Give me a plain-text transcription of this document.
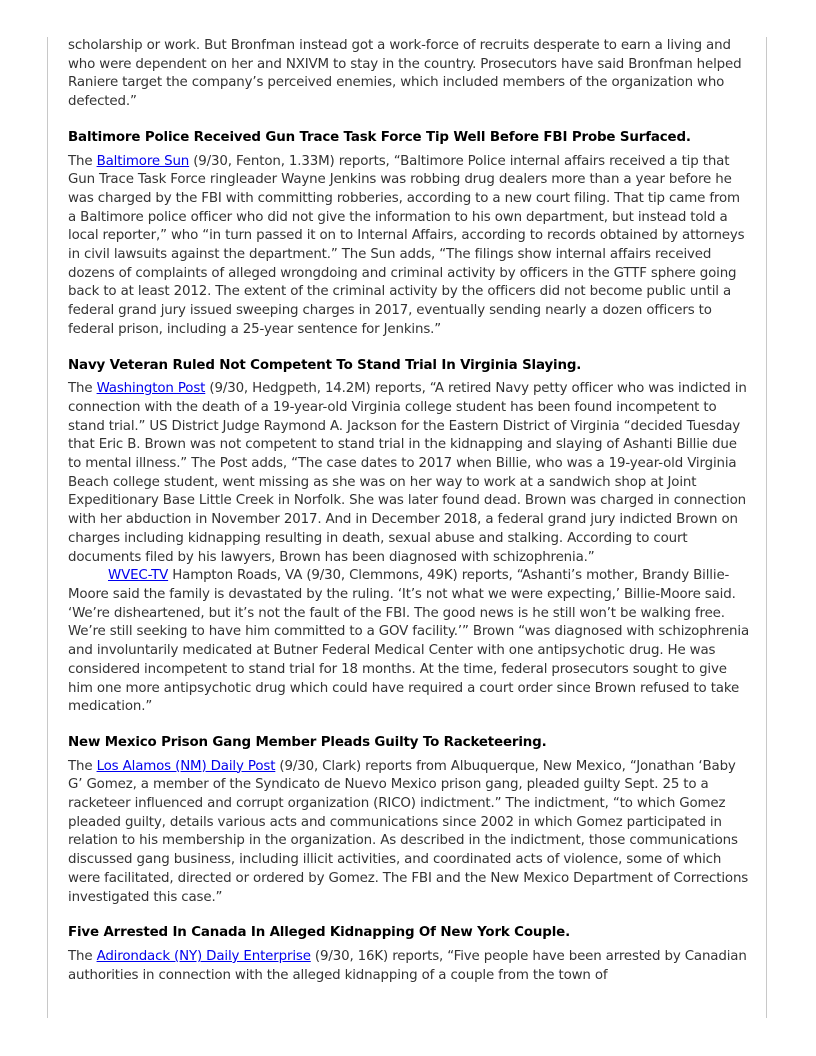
scholarship or work. But Bronfman instead got a work-force of recruits desperate to earn a living and who were dependent on her and NXIVM to stay in the country. Prosecutors have said Bronfman helped Raniere target the company’s perceived enemies, which included members of the organization who defected.”

Baltimore Police Received Gun Trace Task Force Tip Well Before FBI Probe Surfaced.

The Baltimore Sun (9/30, Fenton, 1.33M) reports, “Baltimore Police internal affairs received a tip that Gun Trace Task Force ringleader Wayne Jenkins was robbing drug dealers more than a year before he was charged by the FBI with committing robberies, according to a new court filing. That tip came from a Baltimore police officer who did not give the information to his own department, but instead told a local reporter,” who “in turn passed it on to Internal Affairs, according to records obtained by attorneys in civil lawsuits against the department.” The Sun adds, “The filings show internal affairs received dozens of complaints of alleged wrongdoing and criminal activity by officers in the GTTF sphere going back to at least 2012. The extent of the criminal activity by the officers did not become public until a federal grand jury issued sweeping charges in 2017, eventually sending nearly a dozen officers to federal prison, including a 25-year sentence for Jenkins.”

Navy Veteran Ruled Not Competent To Stand Trial In Virginia Slaying.

The Washington Post (9/30, Hedgpeth, 14.2M) reports, “A retired Navy petty officer who was indicted in connection with the death of a 19-year-old Virginia college student has been found incompetent to stand trial.” US District Judge Raymond A. Jackson for the Eastern District of Virginia “decided Tuesday that Eric B. Brown was not competent to stand trial in the kidnapping and slaying of Ashanti Billie due to mental illness.” The Post adds, “The case dates to 2017 when Billie, who was a 19-year-old Virginia Beach college student, went missing as she was on her way to work at a sandwich shop at Joint Expeditionary Base Little Creek in Norfolk. She was later found dead. Brown was charged in connection with her abduction in November 2017. And in December 2018, a federal grand jury indicted Brown on charges including kidnapping resulting in death, sexual abuse and stalking. According to court documents filed by his lawyers, Brown has been diagnosed with schizophrenia.”

WVEC-TV Hampton Roads, VA (9/30, Clemmons, 49K) reports, “Ashanti’s mother, Brandy Billie-Moore said the family is devastated by the ruling. ‘It’s not what we were expecting,’ Billie-Moore said. ‘We’re disheartened, but it’s not the fault of the FBI. The good news is he still won’t be walking free. We’re still seeking to have him committed to a GOV facility.’” Brown “was diagnosed with schizophrenia and involuntarily medicated at Butner Federal Medical Center with one antipsychotic drug. He was considered incompetent to stand trial for 18 months. At the time, federal prosecutors sought to give him one more antipsychotic drug which could have required a court order since Brown refused to take medication.”

New Mexico Prison Gang Member Pleads Guilty To Racketeering.

The Los Alamos (NM) Daily Post (9/30, Clark) reports from Albuquerque, New Mexico, “Jonathan ‘Baby G’ Gomez, a member of the Syndicato de Nuevo Mexico prison gang, pleaded guilty Sept. 25 to a racketeer influenced and corrupt organization (RICO) indictment.” The indictment, “to which Gomez pleaded guilty, details various acts and communications since 2002 in which Gomez participated in relation to his membership in the organization. As described in the indictment, those communications discussed gang business, including illicit activities, and coordinated acts of violence, some of which were facilitated, directed or ordered by Gomez. The FBI and the New Mexico Department of Corrections investigated this case.”

Five Arrested In Canada In Alleged Kidnapping Of New York Couple.

The Adirondack (NY) Daily Enterprise (9/30, 16K) reports, “Five people have been arrested by Canadian authorities in connection with the alleged kidnapping of a couple from the town of
